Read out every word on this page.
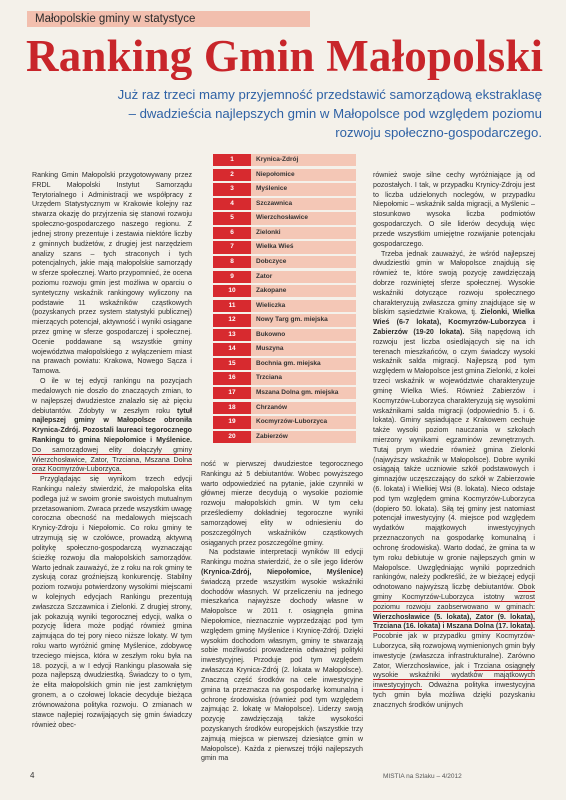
Małopolskie gminy w statystyce
Ranking Gmin Małopolski

Już raz trzeci mamy przyjemność przedstawić samorządową ekstraklasę – dwadzieścia najlepszych gmin w Małopolsce pod względem poziomu rozwoju społeczno-gospodarczego.

Ranking Gmin Małopolski przygotowywany przez FRDL Małopolski Instytut Samorządu Terytorialnego i Administracji we współpracy z Urzędem Statystycznym w Krakowie kolejny raz stwarza okazję do przyjrzenia się stanowi rozwoju społeczno-gospodarczego naszego regionu. Z jednej strony prezentuje i zestawia niektóre liczby z gminnych budżetów, z drugiej jest narzędziem analizy szans – tych straconych i tych potencjalnych, jakie mają małopolskie samorządy w sferze społecznej. Warto przypomnieć, że ocena poziomu rozwoju gmin jest możliwa w oparciu o syntetyczny wskaźnik rankingowy wyliczony na podstawie 11 wskaźników cząstkowych (pozyskanych przez system statystyki publicznej) mierzących potencjał, aktywność i wyniki osiągane przez gminę w sferze gospodarczej i społecznej. Ocenie poddawane są wszystkie gminy województwa małopolskiego z wyłączeniem miast na prawach powiatu: Krakowa, Nowego Sącza i Tarnowa.

O ile w tej edycji rankingu na pozycjach medalowych nie doszło do znaczących zmian, to w najlepszej dwudziestce znalazło się aż pięciu debiutantów. Zdobyty w zeszłym roku tytuł najlepszej gminy w Małopolsce obroniła Krynica-Zdrój. Pozostali laureaci tegorocznego Rankingu to gmina Niepołomice i Myślenice. Do samorządowej elity dołączyły gminy Wierzchosławice, Zator, Trzciana, Mszana Dolna oraz Kocmyrzów-Luborzyca.

Przyglądając się wynikom trzech edycji Rankingu należy stwierdzić, że małopolska elita podlega już w swoim gronie swoistych mutualnym przetasowaniom. Zwraca przede wszystkim uwagę coroczna obecność na medalowych miejscach Krynicy-Zdroju i Niepołomic. Co roku gminy te utrzymują się w czołówce, prowadzą aktywną politykę społeczno-gospodarczą wyznaczając ścieżkę rozwoju dla małopolskich samorządów. Warto jednak zauważyć, że z roku na rok gminy te zyskują coraz groźniejszą konkurencję. Stabilny poziom rozwoju potwierdzony wysokimi miejscami w kolejnych edycjach Rankingu prezentują zwłaszcza Szczawnica i Zielonki. Z drugiej strony, jak pokazują wyniki tegorocznej edycji, walka o pozycję lidera może podjąć również gmina zajmująca do tej pory nieco niższe lokaty. W tym roku warto wyróżnić gminę Myślenice, zdobywcę trzeciego miejsca, która w zeszłym roku była na 18. pozycji, a w I edycji Rankingu plasowała się poza najlepszą dwudziestką. Świadczy to o tym, że elita małopolskich gmin nie jest zamkniętym gronem, a o czołowej lokacie decyduje bieżąca zrównoważona polityka rozwoju. O zmianach w stawce najlepiej rozwijających się gmin świadczy również obec-

1	Krynica-Zdrój
2	Niepołomice
3	Myślenice
4	Szczawnica
5	Wierzchosławice
6	Zielonki
7	Wielka Wieś
8	Dobczyce
9	Zator
10	Zakopane
11	Wieliczka
12	Nowy Targ gm. miejska
13	Bukowno
14	Muszyna
15	Bochnia gm. miejska
16	Trzciana
17	Mszana Dolna gm. miejska
18	Chrzanów
19	Kocmyrzów-Luborzyca
20	Zabierzów

ność w pierwszej dwudziestce tegorocznego Rankingu aż 5 debiutantów. Wobec powyższego warto odpowiedzieć na pytanie, jakie czynniki w głównej mierze decydują o wysokie poziomie rozwoju małopolskich gmin. W tym celu prześlediemy dokładniej tegoroczne wyniki samorządowej elity w odniesieniu do poszczególnych wskaźników cząstkowych osiąganych przez poszczególne gminy.

Na podstawie interpretacji wyników III edycji Rankingu można stwierdzić, że o sile jego liderów (Krynica-Zdrój, Niepołomice, Myślenice) świadczą przede wszystkim wysokie wskaźniki dochodów własnych. W przeliczeniu na jednego mieszkańca najwyższe dochody własne w Małopolsce w 2011 r. osiągnęła gmina Niepołomice, nieznacznie wyprzedzając pod tym względem gminę Myślenice i Krynicę-Zdrój. Dzięki wysokim dochodom własnym, gminy te stwarzają sobie możliwości prowadzenia odważnej polityki inwestycyjnej. Przoduje pod tym względem zwłaszcza Krynica-Zdrój (2. lokata w Małopolsce). Znaczną część środków na cele inwestycyjne gmina ta przeznacza na gospodarkę komunalną i ochronę środowiska (również pod tym względem zajmując 2. lokatę w Małopolsce). Liderzy swoją pozycję zawdzięczają także wysokości pozyskanych środków europejskich (wszystkie trzy zajmują miejsca w pierwszej dziesiątce gmin w Małopolsce). Każda z pierwszej trójki najlepszych gmin ma

również swoje silne cechy wyróżniające ją od pozostałych. I tak, w przypadku Krynicy-Zdroju jest to liczba udzielonych noclegów, w przypadku Niepołomic – wskaźnik salda migracji, a Myślenic – stosunkowo wysoka liczba podmiotów gospodarczych. O sile liderów decydują więc przede wszystkim umiejętne rozwijanie potencjału gospodarczego.

Trzeba jednak zauważyć, że wśród najlepszej dwudziestki gmin w Małopolsce znajdują się również te, które swoją pozycję zawdzięczają dobrze rozwiniętej sferze społecznej. Wysokie wskaźniki dotyczące rozwoju społecznego charakteryzują zwłaszcza gminy znajdujące się w bliskim sąsiedztwie Krakowa, tj. Zielonki, Wielka Wieś (6-7 lokata), Kocmyrzów-Luborzyca i Zabierzów (19-20 lokata). Siłą napędową ich rozwoju jest liczba osiedlających się na ich terenach mieszkańców, o czym świadczy wysoki wskaźnik salda migracji. Najlepszą pod tym względem w Małopolsce jest gmina Zielonki, z kolei trzeci wskaźnik w województwie charakteryzuje gminę Wielka Wieś. Również Zabierzów i Kocmyrzów-Luborzyca charakteryzują się wysokimi wskaźnikami salda migracji (odpowiednio 5. i 6. lokata). Gminy sąsiadujące z Krakowem cechuje także wysoki poziom nauczania w szkołach mierzony wynikami egzaminów zewnętrznych. Tutaj prym wiedzie również gmina Zielonki (najwyższy wskaźnik w Małopolsce). Dobre wyniki osiągają także uczniowie szkół podstawowych i gimnazjów uczęszczający do szkół w Zabierzowie (6. lokata) i Wielkiej Wsi (8. lokata). Nieco odstaje pod tym względem gmina Kocmyrzów-Luborzyca (dopiero 50. lokata). Siłą tej gminy jest natomiast potencjał inwestycyjny (4. miejsce pod względem wydatków majątkowych inwestycyjnych przeznaczonych na gospodarkę komunalną i ochronę środowiska). Warto dodać, że gmina ta w tym roku debiutuje w gronie najlepszych gmin w Małopolsce. Uwzględniając wyniki poprzednich rankingów, należy podkreślić, że w bieżącej edycji odnotowano najwyższą liczbę debiutantów. Obok gminy Kocmyrzów-Luborzyca istotny wzrost poziomu rozwoju zaobserwowano w gminach: Wierzchosławice (5. lokata), Zator (9. lokata), Trzciana (16. lokata) i Mszana Dolna (17. lokata). Pocobnie jak w przypadku gminy Kocmyrzów-Luborzyca, siłą rozwojową wymienionych gmin były inwestycje (zwłaszcza infrastrukturalne). Zarówno Zator, Wierzchosławice, jak i Trzciana osiągnęły wysokie wskaźniki wydatków majątkowych inwestycyjnych. Odważna polityka inwestycyjna tych gmin była możliwa dzięki pozyskaniu znacznych środków unijnych

4	MISTIA na Szlaku – 4/2012
